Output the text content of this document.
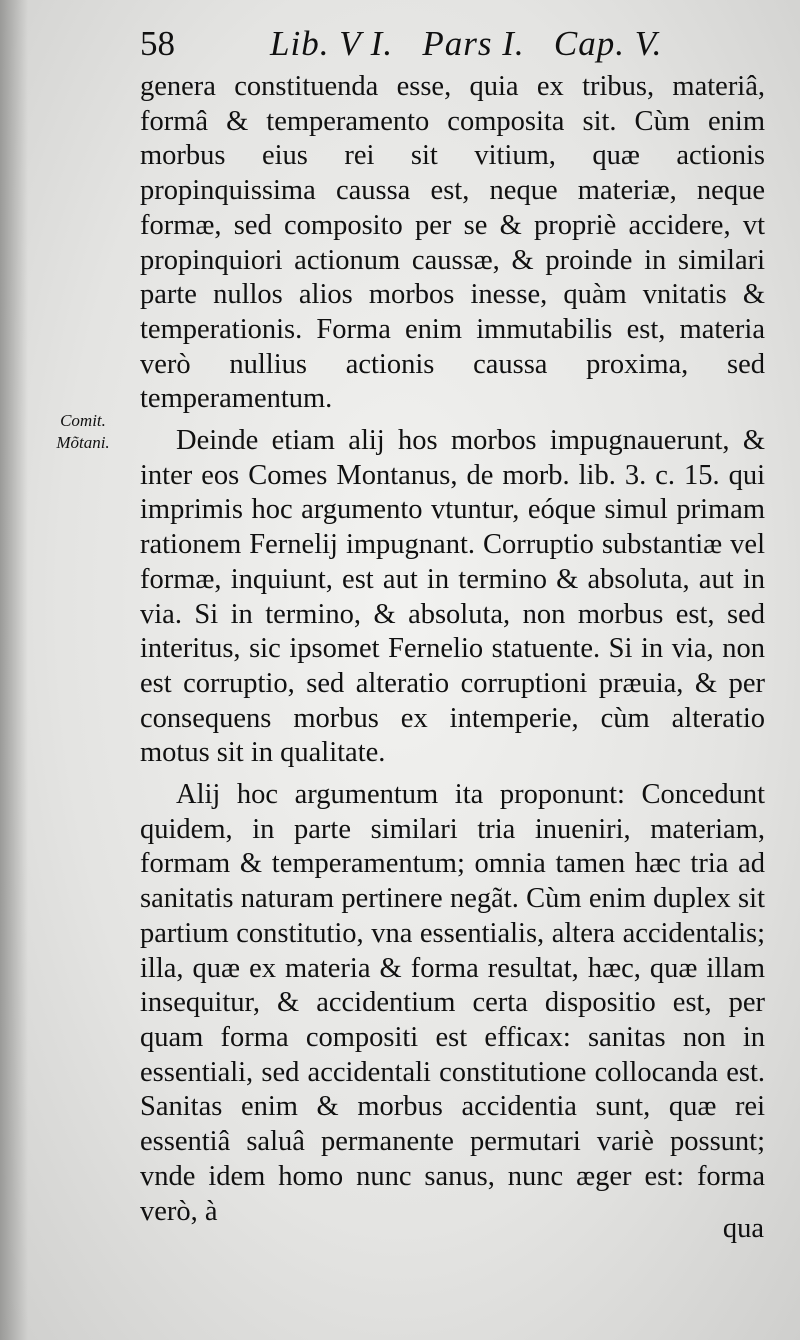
58	Lib. V I.   Pars I.   Cap. V.
Comit.
Mõtani.

genera constituenda esse, quia ex tribus, materiâ, formâ & temperamento composita sit. Cùm enim morbus eius rei sit vitium, quæ actionis propinquissima caussa est, neque materiæ, neque formæ, sed composito per se & propriè accidere, vt propinquiori actionum caussæ, & proinde in similari parte nullos alios morbos inesse, quàm vnitatis & temperationis. Forma enim immutabilis est, materia verò nullius actionis caussa proxima, sed temperamentum.

Deinde etiam alij hos morbos impugnauerunt, & inter eos Comes Montanus, de morb. lib. 3. c. 15. qui imprimis hoc argumento vtuntur, eóque simul primam rationem Fernelij impugnant. Corruptio substantiæ vel formæ, inquiunt, est aut in termino & absoluta, aut in via. Si in termino, & absoluta, non morbus est, sed interitus, sic ipsomet Fernelio statuente. Si in via, non est corruptio, sed alteratio corruptioni præuia, & per consequens morbus ex intemperie, cùm alteratio motus sit in qualitate.

Alij hoc argumentum ita proponunt: Concedunt quidem, in parte similari tria inueniri, materiam, formam & temperamentum; omnia tamen hæc tria ad sanitatis naturam pertinere negãt. Cùm enim duplex sit partium constitutio, vna essentialis, altera accidentalis; illa, quæ ex materia & forma resultat, hæc, quæ illam insequitur, & accidentium certa dispositio est, per quam forma compositi est efficax: sanitas non in essentiali, sed accidentali constitutione collocanda est. Sanitas enim & morbus accidentia sunt, quæ rei essentiâ saluâ permanente permutari variè possunt; vnde idem homo nunc sanus, nunc æger est: forma verò, à

qua
